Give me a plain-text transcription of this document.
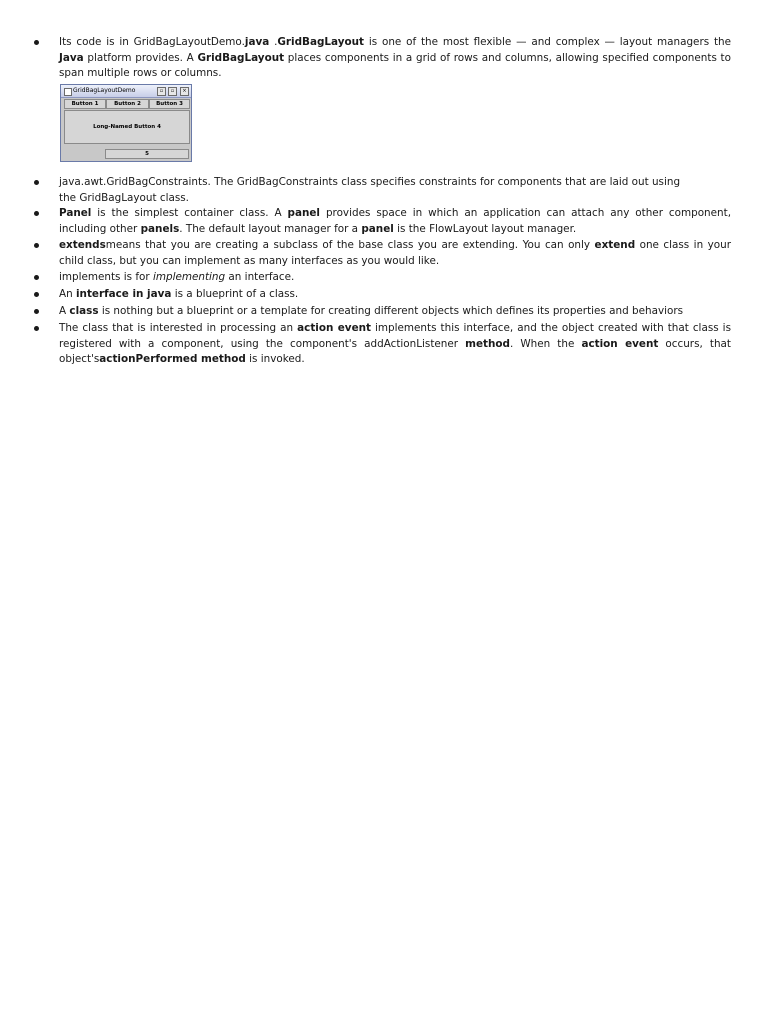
Its code is in GridBagLayoutDemo.java .GridBagLayout is one of the most flexible — and complex — layout managers the Java platform provides. A GridBagLayout places components in a grid of rows and columns, allowing specified components to span multiple rows or columns.

GridBagLayoutDemo	▫	▫	×
Button 1	Button 2	Button 3
Long-Named Button 4
5

java.awt.GridBagConstraints. The GridBagConstraints class specifies constraints for components that are laid out using the GridBagLayout class.

Panel is the simplest container class. A panel provides space in which an application can attach any other component, including other panels. The default layout manager for a panel is the FlowLayout layout manager.

extendsmeans that you are creating a subclass of the base class you are extending. You can only extend one class in your child class, but you can implement as many interfaces as you would like.

implements is for implementing an interface.

An interface in java is a blueprint of a class.

A class is nothing but a blueprint or a template for creating different objects which defines its properties and behaviors

The class that is interested in processing an action event implements this interface, and the object created with that class is registered with a component, using the component's addActionListener method. When the action event occurs, that object'sactionPerformed method is invoked.
